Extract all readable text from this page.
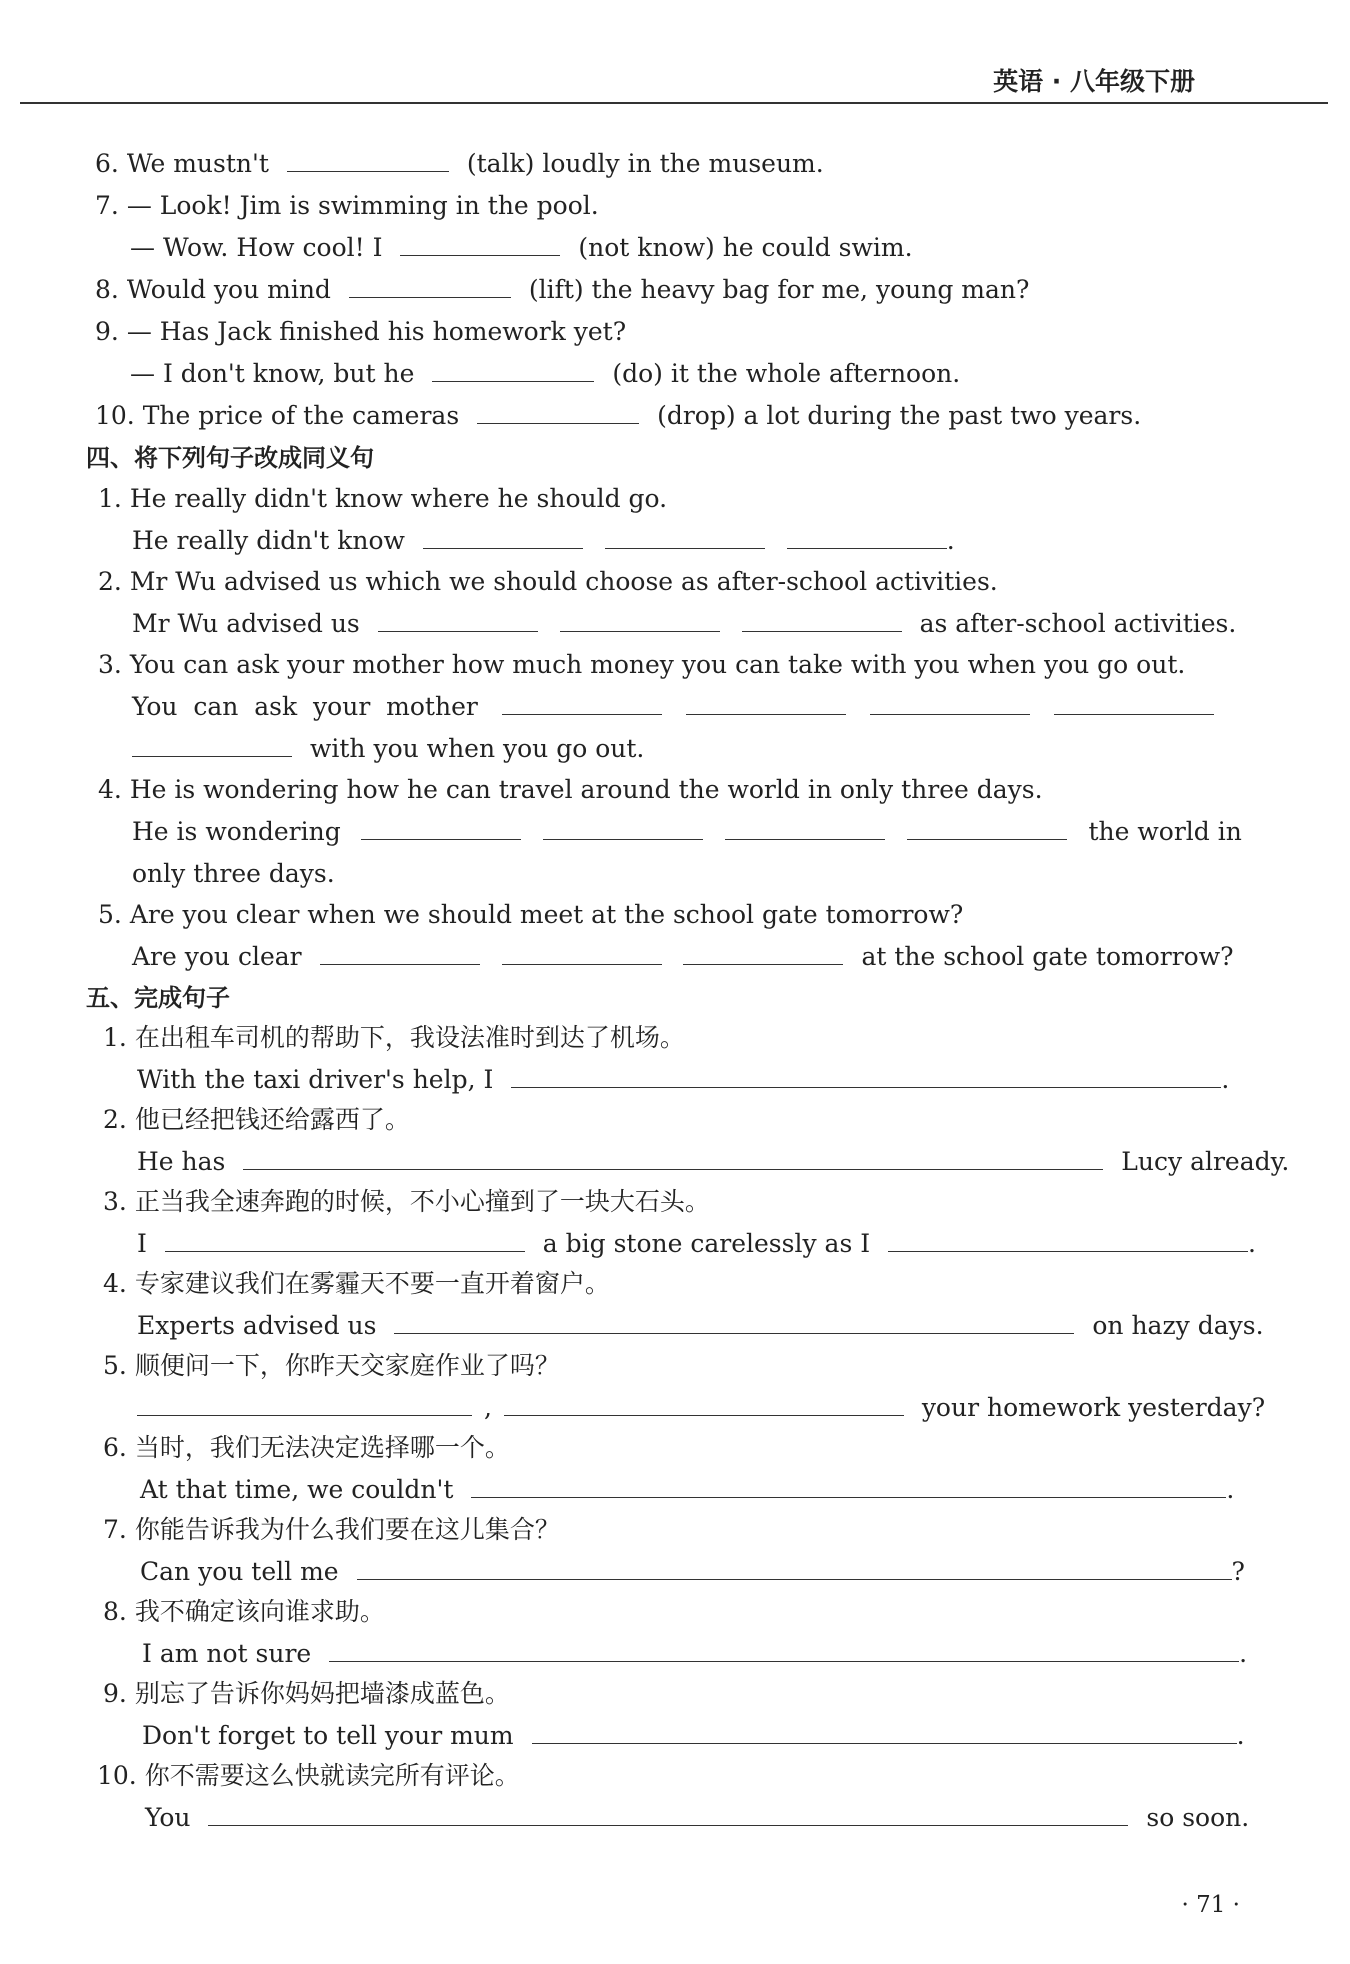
英语 · 八年级下册
6. We mustn't	(talk) loudly in the museum.
7. — Look! Jim is swimming in the pool.
— Wow. How cool! I	(not know) he could swim.
8. Would you mind	(lift) the heavy bag for me, young man?
9. — Has Jack finished his homework yet?
— I don't know, but he	(do) it the whole afternoon.
10. The price of the cameras	(drop) a lot during the past two years.
四、将下列句子改成同义句
1. He really didn't know where he should go.
He really didn't know	.
2. Mr Wu advised us which we should choose as after-school activities.
Mr Wu advised us	as after-school activities.
3. You can ask your mother how much money you can take with you when you go out.
You  can  ask  your  mother
with you when you go out.
4. He is wondering how he can travel around the world in only three days.
He is wondering	the world in
only three days.
5. Are you clear when we should meet at the school gate tomorrow?
Are you clear	at the school gate tomorrow?
五、完成句子
1. 在出租车司机的帮助下，我设法准时到达了机场。
With the taxi driver's help, I	.
2. 他已经把钱还给露西了。
He has	Lucy already.
3. 正当我全速奔跑的时候，不小心撞到了一块大石头。
I	a big stone carelessly as I	.
4. 专家建议我们在雾霾天不要一直开着窗户。
Experts advised us	on hazy days.
5. 顺便问一下，你昨天交家庭作业了吗？
,	your homework yesterday?
6. 当时，我们无法决定选择哪一个。
At that time, we couldn't	.
7. 你能告诉我为什么我们要在这儿集合？
Can you tell me	?
8. 我不确定该向谁求助。
I am not sure	.
9. 别忘了告诉你妈妈把墙漆成蓝色。
Don't forget to tell your mum	.
10. 你不需要这么快就读完所有评论。
You	so soon.
· 71 ·
